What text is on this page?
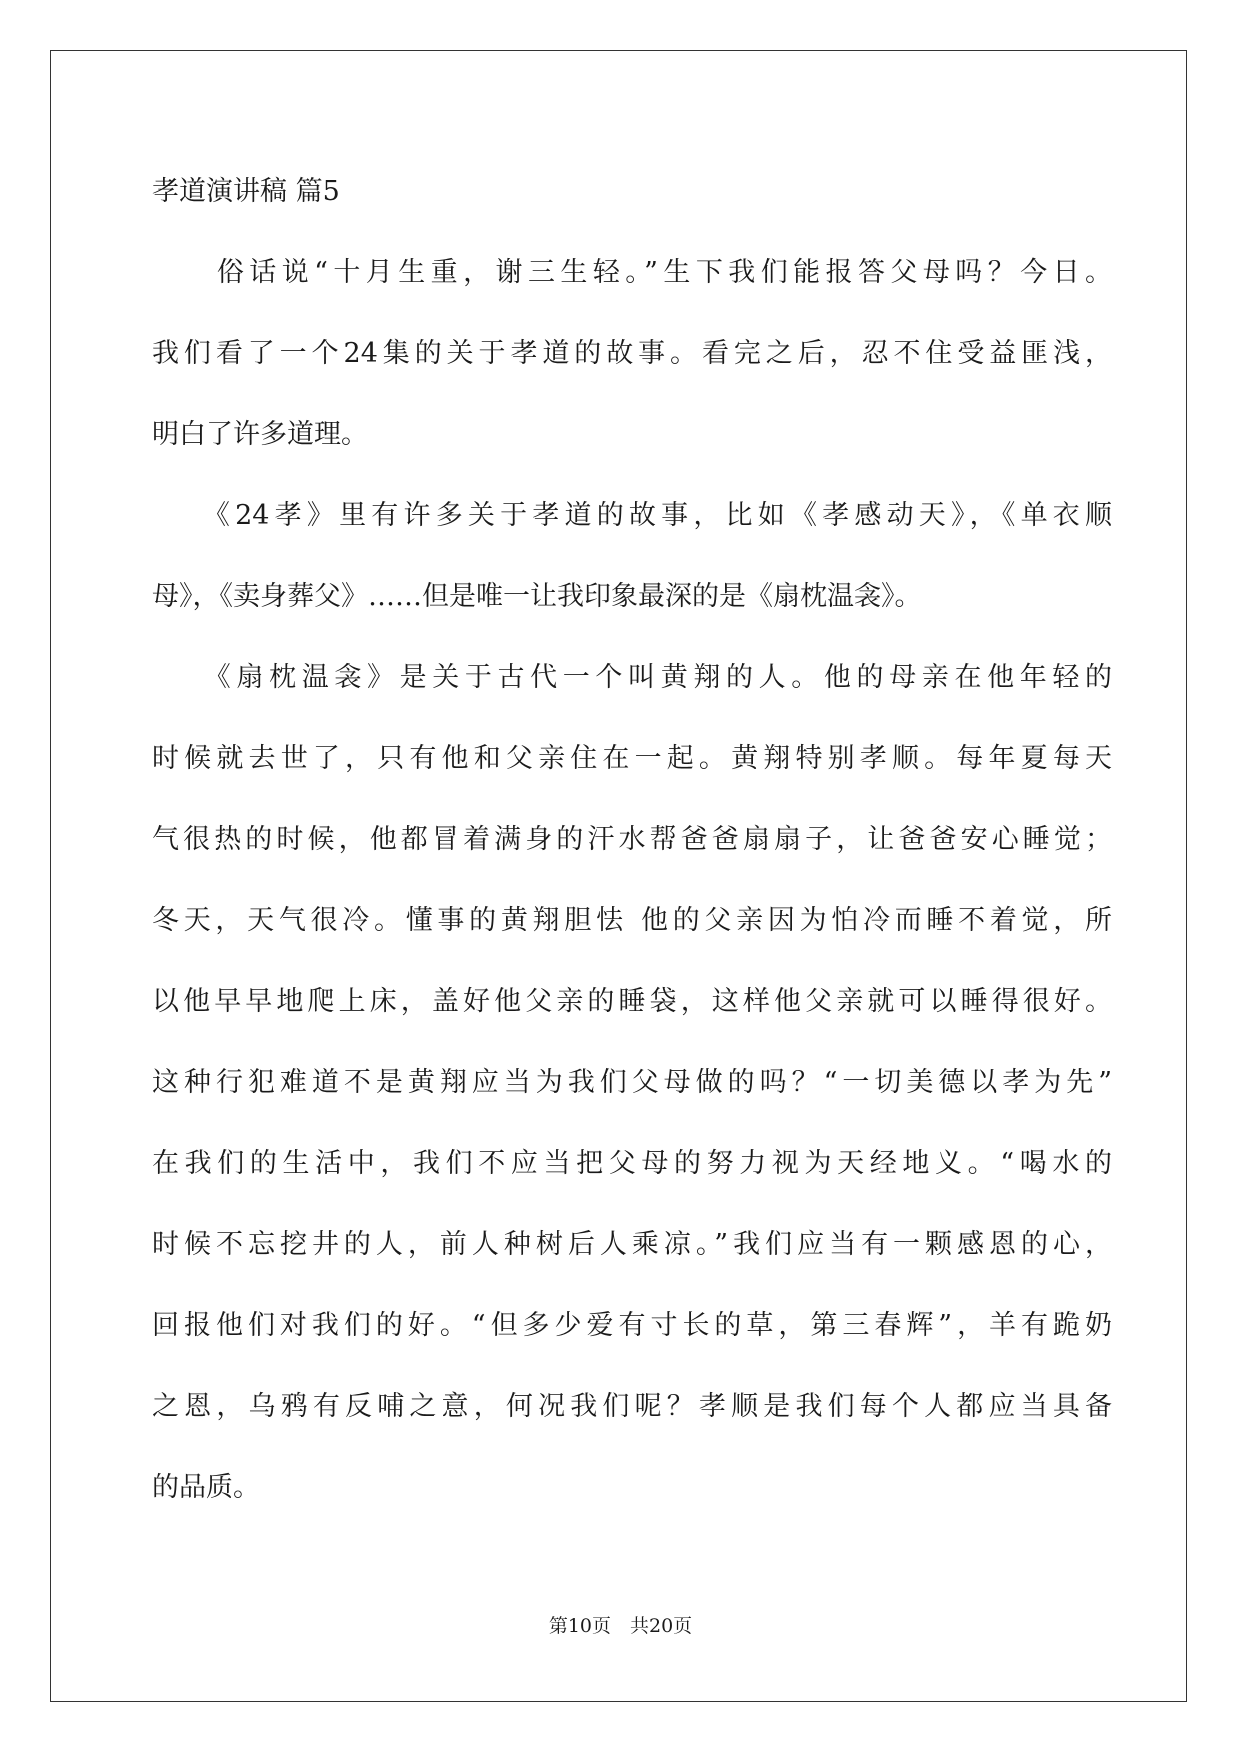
孝道演讲稿 篇5
　　俗话说“十月生重，谢三生轻。”生下我们能报答父母吗？今日。
我们看了一个24集的关于孝道的故事。看完之后，忍不住受益匪浅，
明白了许多道理。
　　《24孝》里有许多关于孝道的故事，比如《孝感动天》，《单衣顺
母》，《卖身葬父》……但是唯一让我印象最深的是《扇枕温衾》。
　　《扇枕温衾》是关于古代一个叫黄翔的人。他的母亲在他年轻的
时候就去世了，只有他和父亲住在一起。黄翔特别孝顺。每年夏每天
气很热的时候，他都冒着满身的汗水帮爸爸扇扇子，让爸爸安心睡觉；
冬天，天气很冷。懂事的黄翔胆怯 他的父亲因为怕冷而睡不着觉，所
以他早早地爬上床，盖好他父亲的睡袋，这样他父亲就可以睡得很好。
这种行犯难道不是黄翔应当为我们父母做的吗？“一切美德以孝为先”
在我们的生活中，我们不应当把父母的努力视为天经地义。“喝水的
时候不忘挖井的人，前人种树后人乘凉。”我们应当有一颗感恩的心，
回报他们对我们的好。“但多少爱有寸长的草，第三春辉”，羊有跪奶
之恩，乌鸦有反哺之意，何况我们呢？孝顺是我们每个人都应当具备
的品质。
第10页　共20页
